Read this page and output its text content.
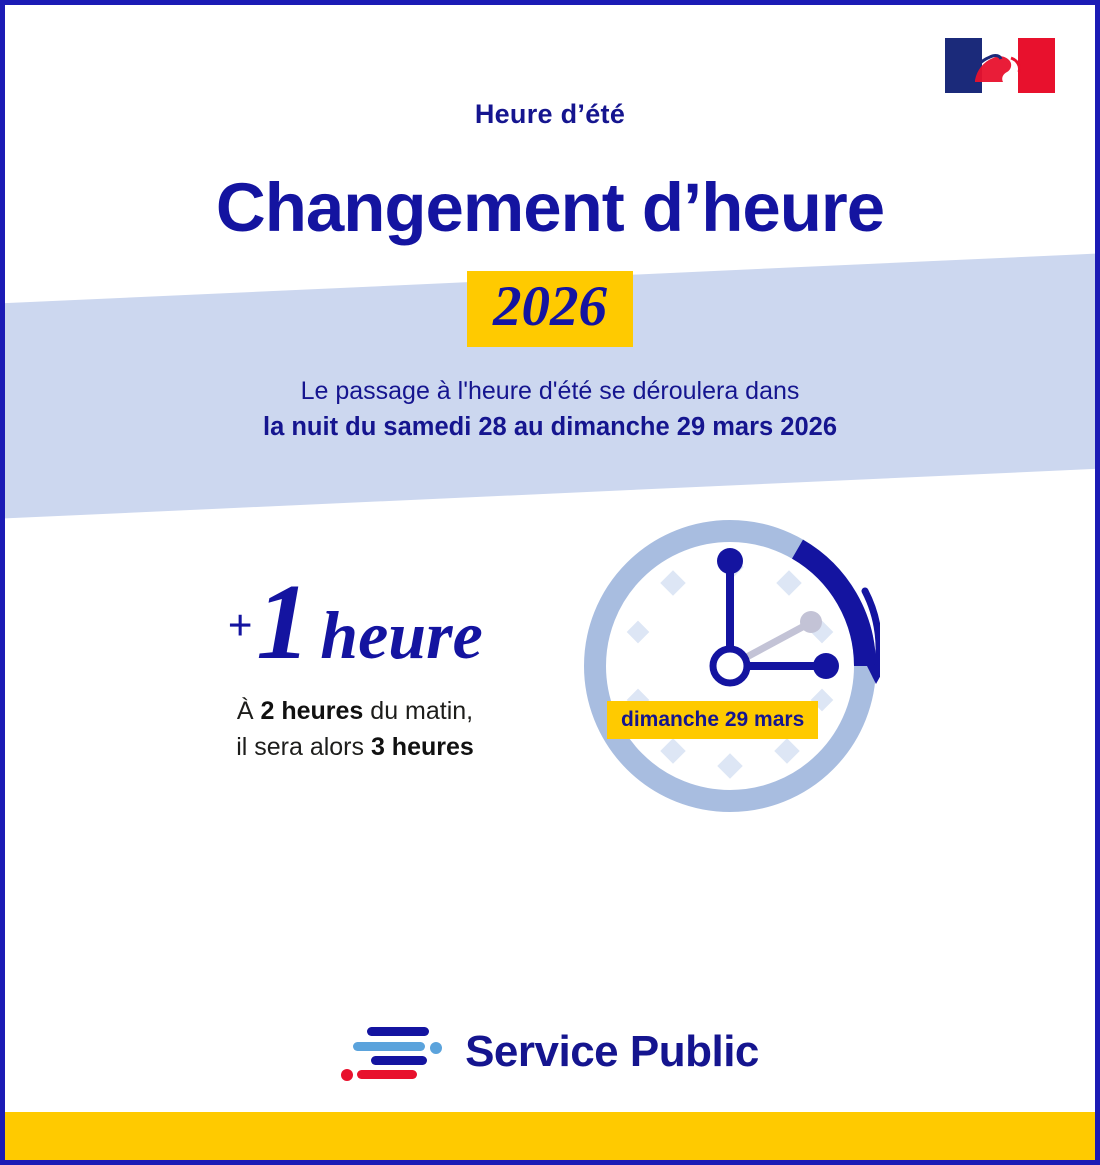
Heure d’été
Changement d’heure
2026
Le passage à l'heure d'été se déroulera dans
la nuit du samedi 28 au dimanche 29 mars 2026
+1 heure
À 2 heures du matin,
il sera alors 3 heures
dimanche 29 mars
Service Public
